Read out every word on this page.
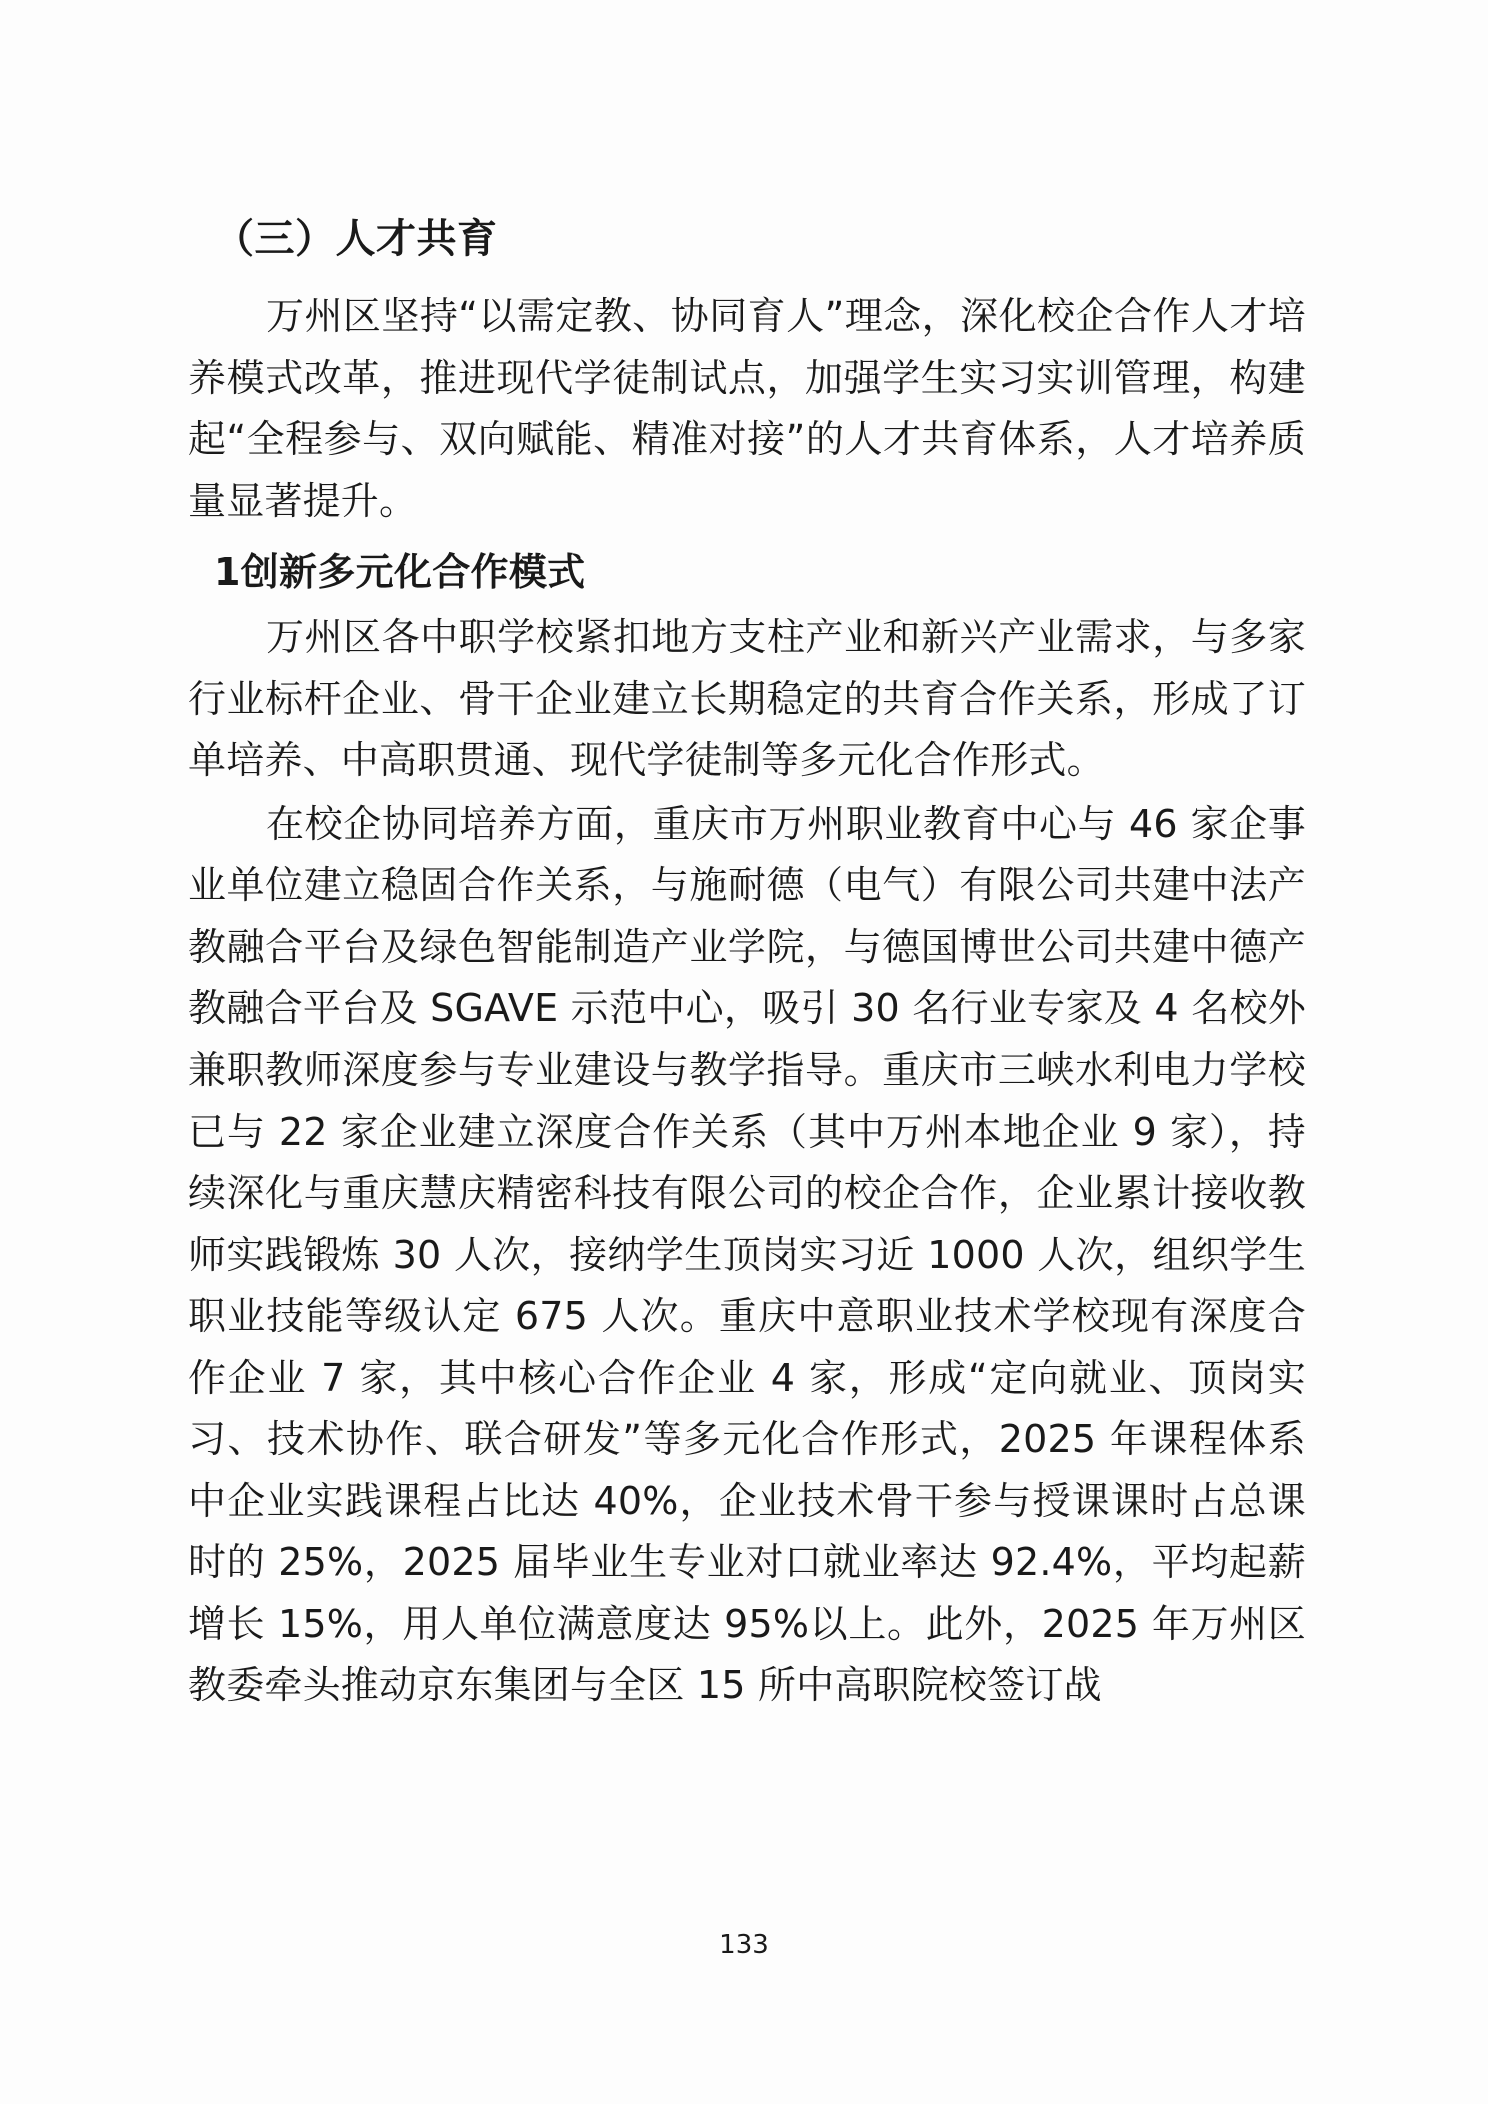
（三）人才共育

万州区坚持“以需定教、协同育人”理念，深化校企合作人才培养模式改革，推进现代学徒制试点，加强学生实习实训管理，构建起“全程参与、双向赋能、精准对接”的人才共育体系，人才培养质量显著提升。

1创新多元化合作模式

万州区各中职学校紧扣地方支柱产业和新兴产业需求，与多家行业标杆企业、骨干企业建立长期稳定的共育合作关系，形成了订单培养、中高职贯通、现代学徒制等多元化合作形式。

在校企协同培养方面，重庆市万州职业教育中心与 46 家企事业单位建立稳固合作关系，与施耐德（电气）有限公司共建中法产教融合平台及绿色智能制造产业学院，与德国博世公司共建中德产教融合平台及 SGAVE 示范中心，吸引 30 名行业专家及 4 名校外兼职教师深度参与专业建设与教学指导。重庆市三峡水利电力学校已与 22 家企业建立深度合作关系（其中万州本地企业 9 家），持续深化与重庆慧庆精密科技有限公司的校企合作，企业累计接收教师实践锻炼 30 人次，接纳学生顶岗实习近 1000 人次，组织学生职业技能等级认定 675 人次。重庆中意职业技术学校现有深度合作企业 7 家，其中核心合作企业 4 家，形成“定向就业、顶岗实习、技术协作、联合研发”等多元化合作形式，2025 年课程体系中企业实践课程占比达 40%，企业技术骨干参与授课课时占总课时的 25%，2025 届毕业生专业对口就业率达 92.4%，平均起薪增长 15%，用人单位满意度达 95%以上。此外，2025 年万州区教委牵头推动京东集团与全区 15 所中高职院校签订战

133
